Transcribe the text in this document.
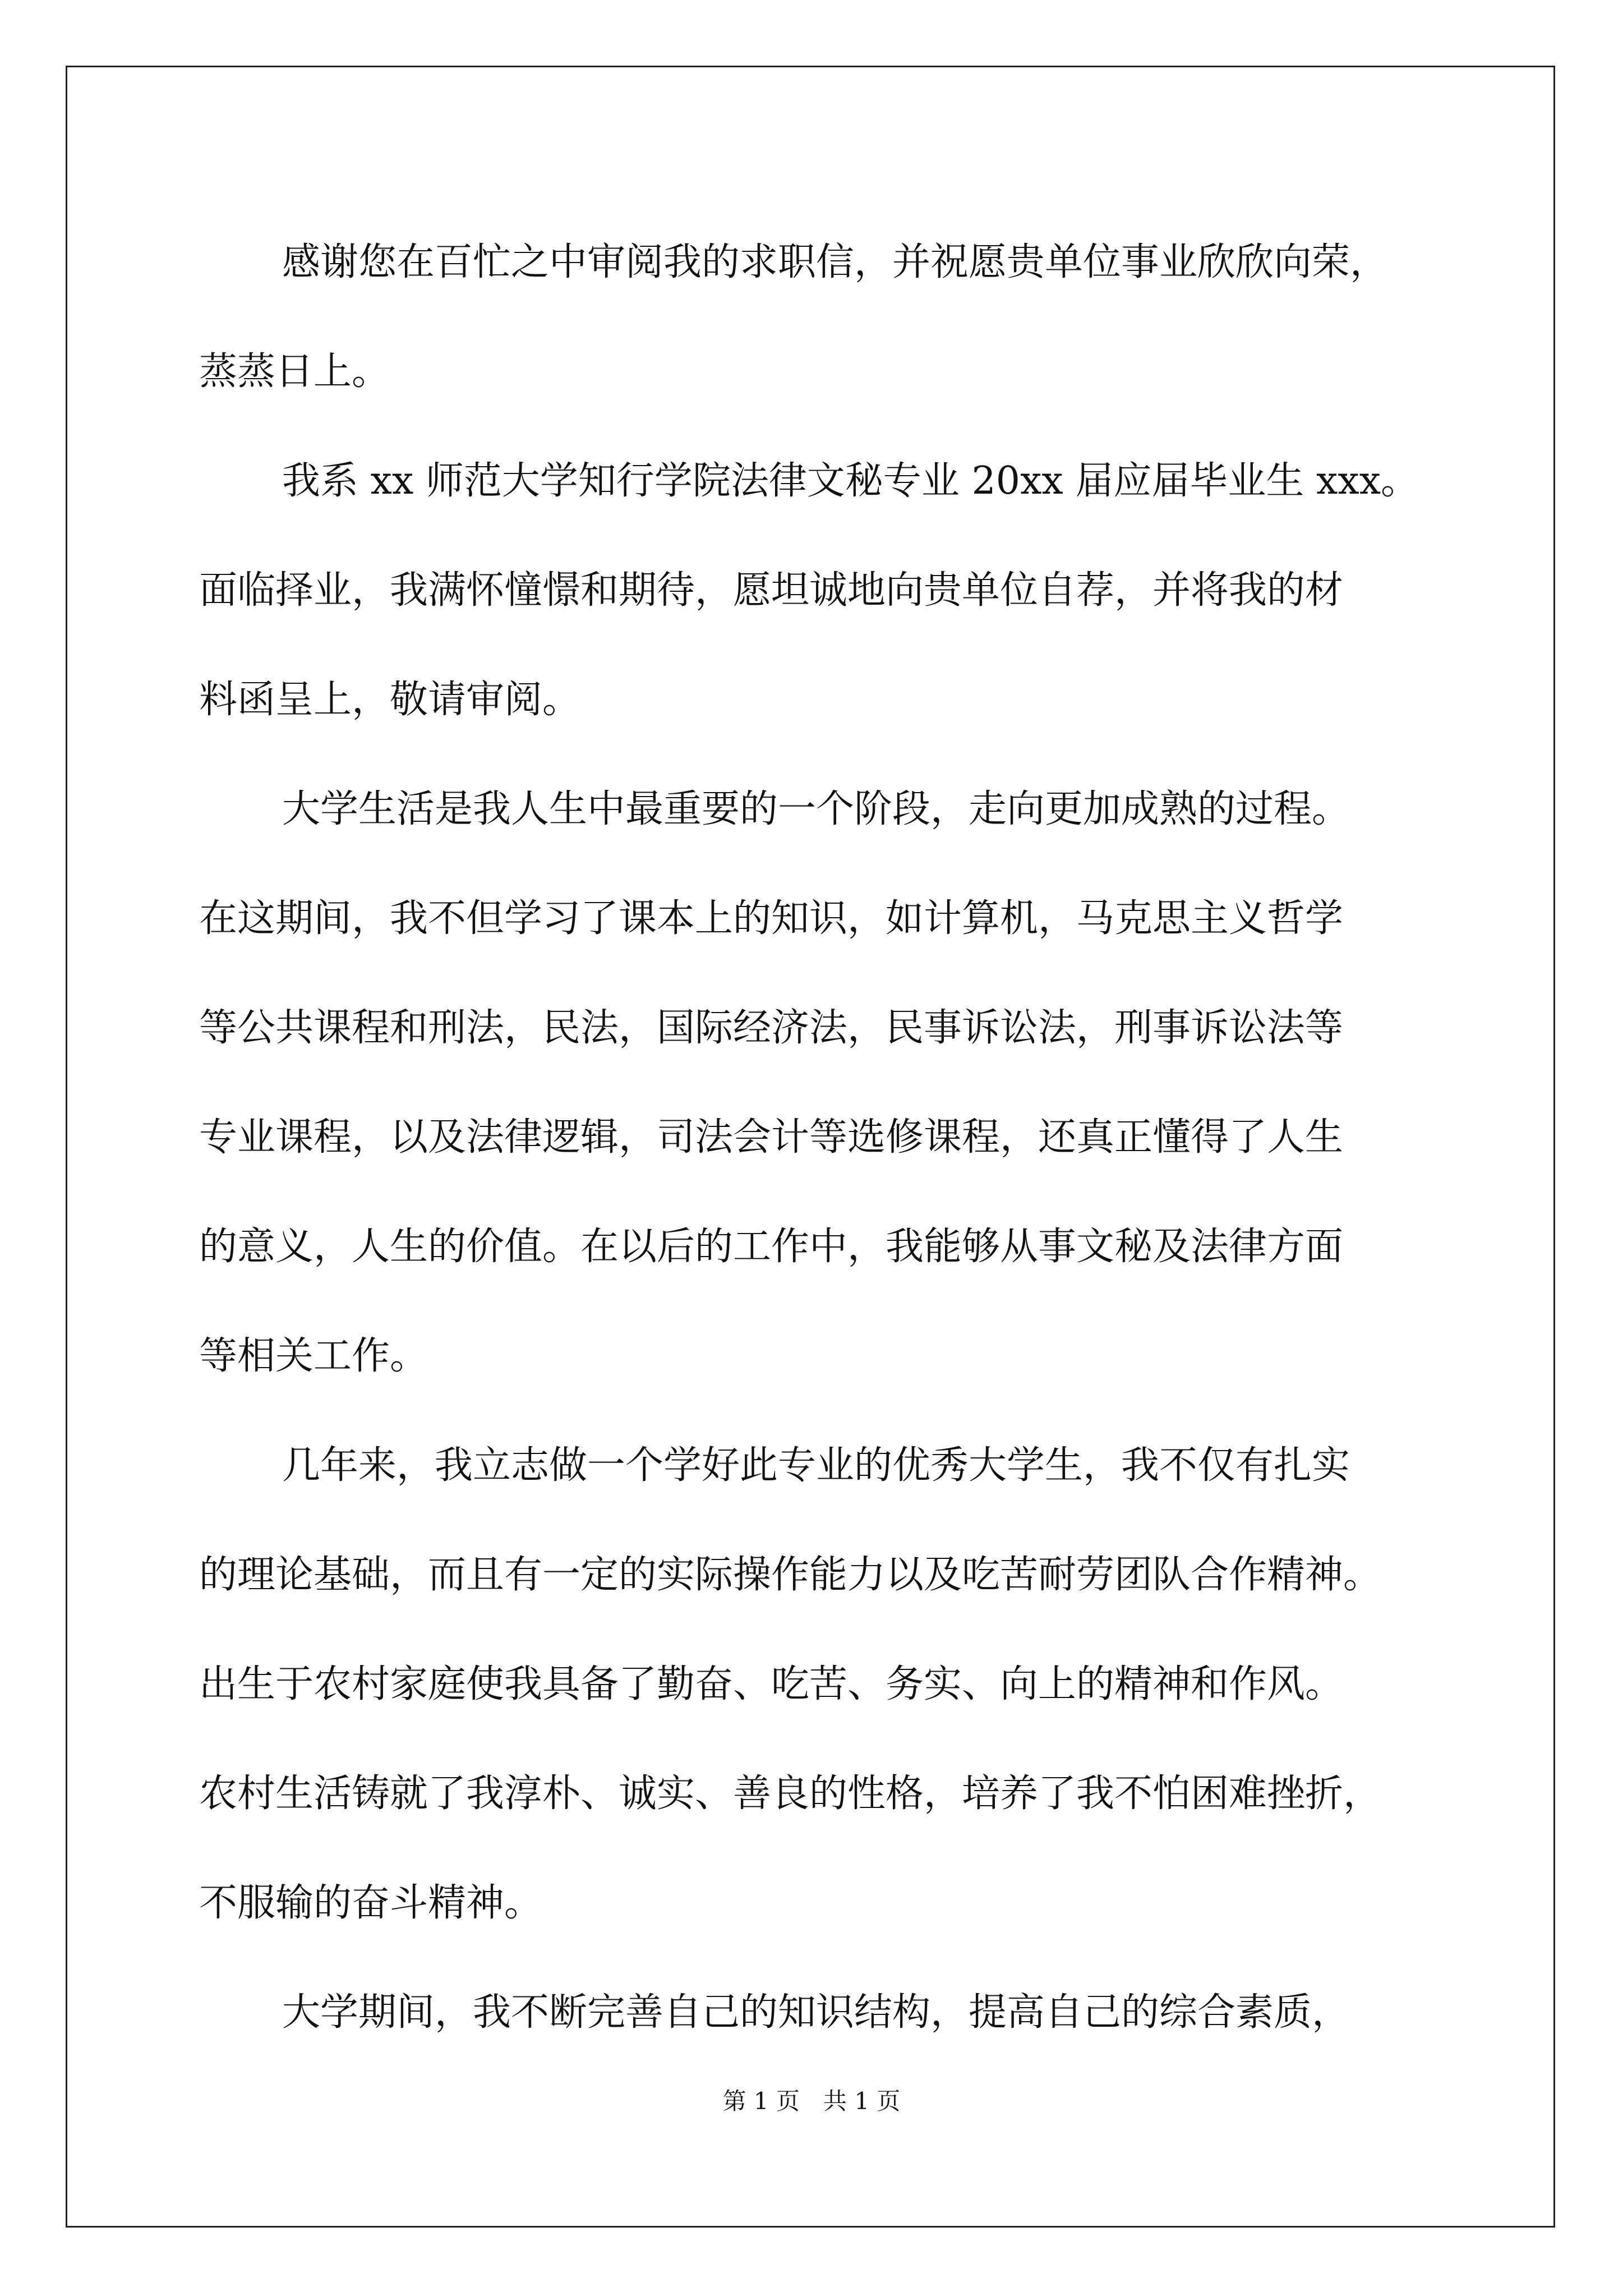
感谢您在百忙之中审阅我的求职信，并祝愿贵单位事业欣欣向荣，
蒸蒸日上。
我系 xx 师范大学知行学院法律文秘专业 20xx 届应届毕业生 xxx。
面临择业，我满怀憧憬和期待，愿坦诚地向贵单位自荐，并将我的材
料函呈上，敬请审阅。
大学生活是我人生中最重要的一个阶段，走向更加成熟的过程。
在这期间，我不但学习了课本上的知识，如计算机，马克思主义哲学
等公共课程和刑法，民法，国际经济法，民事诉讼法，刑事诉讼法等
专业课程，以及法律逻辑，司法会计等选修课程，还真正懂得了人生
的意义，人生的价值。在以后的工作中，我能够从事文秘及法律方面
等相关工作。
几年来，我立志做一个学好此专业的优秀大学生，我不仅有扎实
的理论基础，而且有一定的实际操作能力以及吃苦耐劳团队合作精神。
出生于农村家庭使我具备了勤奋、吃苦、务实、向上的精神和作风。
农村生活铸就了我淳朴、诚实、善良的性格，培养了我不怕困难挫折，
不服输的奋斗精神。
大学期间，我不断完善自己的知识结构，提高自己的综合素质，
第 1 页　共 1 页
